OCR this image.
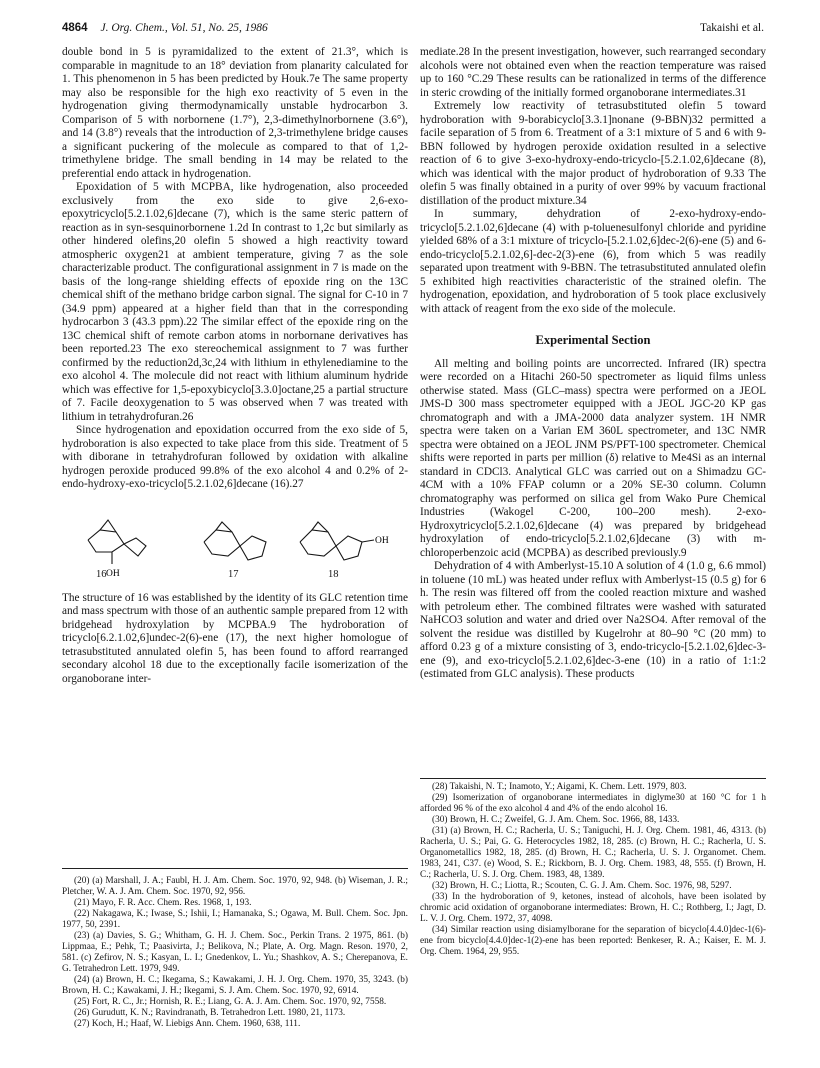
4864 J. Org. Chem., Vol. 51, No. 25, 1986	Takaishi et al.

double bond in 5 is pyramidalized to the extent of 21.3°, which is comparable in magnitude to an 18° deviation from planarity calculated for 1. This phenomenon in 5 has been predicted by Houk.7e The same property may also be responsible for the high exo reactivity of 5 even in the hydrogenation giving thermodynamically unstable hydrocarbon 3. Comparison of 5 with norbornene (1.7°), 2,3-dimethylnorbornene (3.6°), and 14 (3.8°) reveals that the introduction of 2,3-trimethylene bridge causes a significant puckering of the molecule as compared to that of 1,2-trimethylene bridge. The small bending in 14 may be related to the preferential endo attack in hydrogenation.

Epoxidation of 5 with MCPBA, like hydrogenation, also proceeded exclusively from the exo side to give 2,6-exo-epoxytricyclo[5.2.1.02,6]decane (7), which is the same steric pattern of reaction as in syn-sesquinorbornene 1.2d In contrast to 1,2c but similarly as other hindered olefins,20 olefin 5 showed a high reactivity toward atmospheric oxygen21 at ambient temperature, giving 7 as the sole characterizable product. The configurational assignment in 7 is made on the basis of the long-range shielding effects of epoxide ring on the 13C chemical shift of the methano bridge carbon signal. The signal for C-10 in 7 (34.9 ppm) appeared at a higher field than that in the corresponding hydrocarbon 3 (43.3 ppm).22 The similar effect of the epoxide ring on the 13C chemical shift of remote carbon atoms in norbornane derivatives has been reported.23 The exo stereochemical assignment to 7 was further confirmed by the reduction2d,3c,24 with lithium in ethylenediamine to the exo alcohol 4. The molecule did not react with lithium aluminum hydride which was effective for 1,5-epoxybicyclo[3.3.0]octane,25 a partial structure of 7. Facile deoxygenation to 5 was observed when 7 was treated with lithium in tetrahydrofuran.26

Since hydrogenation and epoxidation occurred from the exo side of 5, hydroboration is also expected to take place from this side. Treatment of 5 with diborane in tetrahydrofuran followed by oxidation with alkaline hydrogen peroxide produced 99.8% of the exo alcohol 4 and 0.2% of 2-endo-hydroxy-exo-tricyclo[5.2.1.02,6]decane (16).27

OH
OH
16	17	18

The structure of 16 was established by the identity of its GLC retention time and mass spectrum with those of an authentic sample prepared from 12 with bridgehead hydroxylation by MCPBA.9 The hydroboration of tricyclo[6.2.1.02,6]undec-2(6)-ene (17), the next higher homologue of tetrasubstituted annulated olefin 5, has been found to afford rearranged secondary alcohol 18 due to the exceptionally facile isomerization of the organoborane inter-

(20) (a) Marshall, J. A.; Faubl, H. J. Am. Chem. Soc. 1970, 92, 948. (b) Wiseman, J. R.; Pletcher, W. A. J. Am. Chem. Soc. 1970, 92, 956.

(21) Mayo, F. R. Acc. Chem. Res. 1968, 1, 193.

(22) Nakagawa, K.; Iwase, S.; Ishii, I.; Hamanaka, S.; Ogawa, M. Bull. Chem. Soc. Jpn. 1977, 50, 2391.

(23) (a) Davies, S. G.; Whitham, G. H. J. Chem. Soc., Perkin Trans. 2 1975, 861. (b) Lippmaa, E.; Pehk, T.; Paasivirta, J.; Belikova, N.; Plate, A. Org. Magn. Reson. 1970, 2, 581. (c) Zefirov, N. S.; Kasyan, L. I.; Gnedenkov, L. Yu.; Shashkov, A. S.; Cherepanova, E. G. Tetrahedron Lett. 1979, 949.

(24) (a) Brown, H. C.; Ikegama, S.; Kawakami, J. H. J. Org. Chem. 1970, 35, 3243. (b) Brown, H. C.; Kawakami, J. H.; Ikegami, S. J. Am. Chem. Soc. 1970, 92, 6914.

(25) Fort, R. C., Jr.; Hornish, R. E.; Liang, G. A. J. Am. Chem. Soc. 1970, 92, 7558.

(26) Gurudutt, K. N.; Ravindranath, B. Tetrahedron Lett. 1980, 21, 1173.

(27) Koch, H.; Haaf, W. Liebigs Ann. Chem. 1960, 638, 111.

mediate.28 In the present investigation, however, such rearranged secondary alcohols were not obtained even when the reaction temperature was raised up to 160 °C.29 These results can be rationalized in terms of the difference in steric crowding of the initially formed organoborane intermediates.31

Extremely low reactivity of tetrasubstituted olefin 5 toward hydroboration with 9-borabicyclo[3.3.1]nonane (9-BBN)32 permitted a facile separation of 5 from 6. Treatment of a 3:1 mixture of 5 and 6 with 9-BBN followed by hydrogen peroxide oxidation resulted in a selective reaction of 6 to give 3-exo-hydroxy-endo-tricyclo-[5.2.1.02,6]decane (8), which was identical with the major product of hydroboration of 9.33 The olefin 5 was finally obtained in a purity of over 99% by vacuum fractional distillation of the product mixture.34

In summary, dehydration of 2-exo-hydroxy-endo-tricyclo[5.2.1.02,6]decane (4) with p-toluenesulfonyl chloride and pyridine yielded 68% of a 3:1 mixture of tricyclo-[5.2.1.02,6]dec-2(6)-ene (5) and 6-endo-tricyclo[5.2.1.02,6]-dec-2(3)-ene (6), from which 5 was readily separated upon treatment with 9-BBN. The tetrasubstituted annulated olefin 5 exhibited high reactivities characteristic of the strained olefin. The hydrogenation, epoxidation, and hydroboration of 5 took place exclusively with attack of reagent from the exo side of the molecule.

Experimental Section

All melting and boiling points are uncorrected. Infrared (IR) spectra were recorded on a Hitachi 260-50 spectrometer as liquid films unless otherwise stated. Mass (GLC–mass) spectra were performed on a JEOL JMS-D 300 mass spectrometer equipped with a JEOL JGC-20 KP gas chromatograph and with a JMA-2000 data analyzer system. 1H NMR spectra were taken on a Varian EM 360L spectrometer, and 13C NMR spectra were obtained on a JEOL JNM PS/PFT-100 spectrometer. Chemical shifts were reported in parts per million (δ) relative to Me4Si as an internal standard in CDCl3. Analytical GLC was carried out on a Shimadzu GC-4CM with a 10% FFAP column or a 20% SE-30 column. Column chromatography was performed on silica gel from Wako Pure Chemical Industries (Wakogel C-200, 100–200 mesh). 2-exo-Hydroxytricyclo[5.2.1.02,6]decane (4) was prepared by bridgehead hydroxylation of endo-tricyclo[5.2.1.02,6]decane (3) with m-chloroperbenzoic acid (MCPBA) as described previously.9

Dehydration of 4 with Amberlyst-15.10 A solution of 4 (1.0 g, 6.6 mmol) in toluene (10 mL) was heated under reflux with Amberlyst-15 (0.5 g) for 6 h. The resin was filtered off from the cooled reaction mixture and washed with petroleum ether. The combined filtrates were washed with saturated NaHCO3 solution and water and dried over Na2SO4. After removal of the solvent the residue was distilled by Kugelrohr at 80–90 °C (20 mm) to afford 0.23 g of a mixture consisting of 3, endo-tricyclo-[5.2.1.02,6]dec-3-ene (9), and exo-tricyclo[5.2.1.02,6]dec-3-ene (10) in a ratio of 1:1:2 (estimated from GLC analysis). These products

(28) Takaishi, N. T.; Inamoto, Y.; Aigami, K. Chem. Lett. 1979, 803.

(29) Isomerization of organoborane intermediates in diglyme30 at 160 °C for 1 h afforded 96 % of the exo alcohol 4 and 4% of the endo alcohol 16.

(30) Brown, H. C.; Zweifel, G. J. Am. Chem. Soc. 1966, 88, 1433.

(31) (a) Brown, H. C.; Racherla, U. S.; Taniguchi, H. J. Org. Chem. 1981, 46, 4313. (b) Racherla, U. S.; Pai, G. G. Heterocycles 1982, 18, 285. (c) Brown, H. C.; Racherla, U. S. Organometallics 1982, 18, 285. (d) Brown, H. C.; Racherla, U. S. J. Organomet. Chem. 1983, 241, C37. (e) Wood, S. E.; Rickborn, B. J. Org. Chem. 1983, 48, 555. (f) Brown, H. C.; Racherla, U. S. J. Org. Chem. 1983, 48, 1389.

(32) Brown, H. C.; Liotta, R.; Scouten, C. G. J. Am. Chem. Soc. 1976, 98, 5297.

(33) In the hydroboration of 9, ketones, instead of alcohols, have been isolated by chromic acid oxidation of organoborane intermediates: Brown, H. C.; Rothberg, I.; Jagt, D. L. V. J. Org. Chem. 1972, 37, 4098.

(34) Similar reaction using disiamylborane for the separation of bicyclo[4.4.0]dec-1(6)-ene from bicyclo[4.4.0]dec-1(2)-ene has been reported: Benkeser, R. A.; Kaiser, E. M. J. Org. Chem. 1964, 29, 955.
